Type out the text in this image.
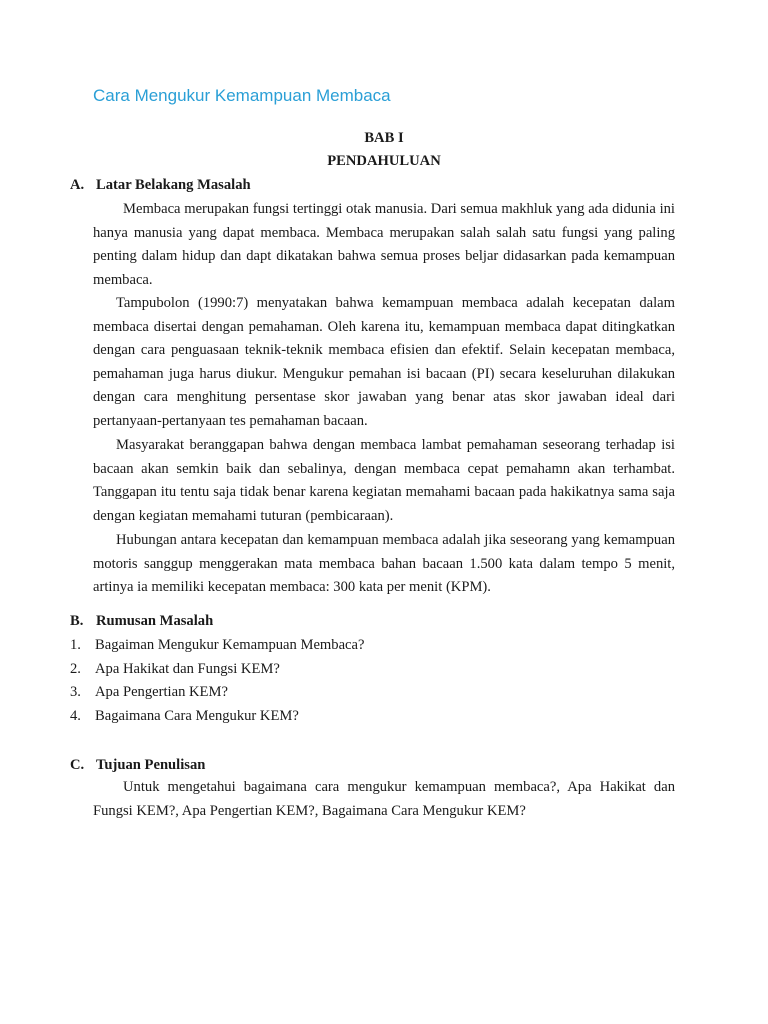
Cara Mengukur Kemampuan Membaca
BAB I
PENDAHULUAN
A. Latar Belakang Masalah

Membaca merupakan fungsi tertinggi otak manusia. Dari semua makhluk yang ada didunia ini hanya manusia yang dapat membaca. Membaca merupakan salah salah satu fungsi yang paling penting dalam hidup dan dapt dikatakan bahwa semua proses beljar didasarkan pada kemampuan membaca.

Tampubolon (1990:7) menyatakan bahwa kemampuan membaca adalah kecepatan dalam membaca disertai dengan pemahaman. Oleh karena itu, kemampuan membaca dapat ditingkatkan dengan cara penguasaan teknik-teknik membaca efisien dan efektif. Selain kecepatan membaca, pemahaman juga harus diukur. Mengukur pemahan isi bacaan (PI) secara keseluruhan dilakukan dengan cara menghitung persentase skor jawaban yang benar atas skor jawaban ideal dari pertanyaan-pertanyaan tes pemahaman bacaan.

Masyarakat beranggapan bahwa dengan membaca lambat pemahaman seseorang terhadap isi bacaan akan semkin baik dan sebalinya, dengan membaca cepat pemahamn akan terhambat. Tanggapan itu tentu saja tidak benar karena kegiatan memahami bacaan pada hakikatnya sama saja dengan kegiatan memahami tuturan (pembicaraan).

Hubungan antara kecepatan dan kemampuan membaca adalah jika seseorang yang kemampuan motoris sanggup menggerakan mata membaca bahan bacaan 1.500 kata dalam tempo 5 menit, artinya ia memiliki kecepatan membaca: 300 kata per menit (KPM).

B. Rumusan Masalah
1. Bagaiman Mengukur Kemampuan Membaca?
2. Apa Hakikat dan Fungsi KEM?
3. Apa Pengertian KEM?
4. Bagaimana Cara Mengukur KEM?
C. Tujuan Penulisan

Untuk mengetahui bagaimana cara mengukur kemampuan membaca?, Apa Hakikat dan Fungsi KEM?, Apa Pengertian KEM?, Bagaimana Cara Mengukur KEM?
